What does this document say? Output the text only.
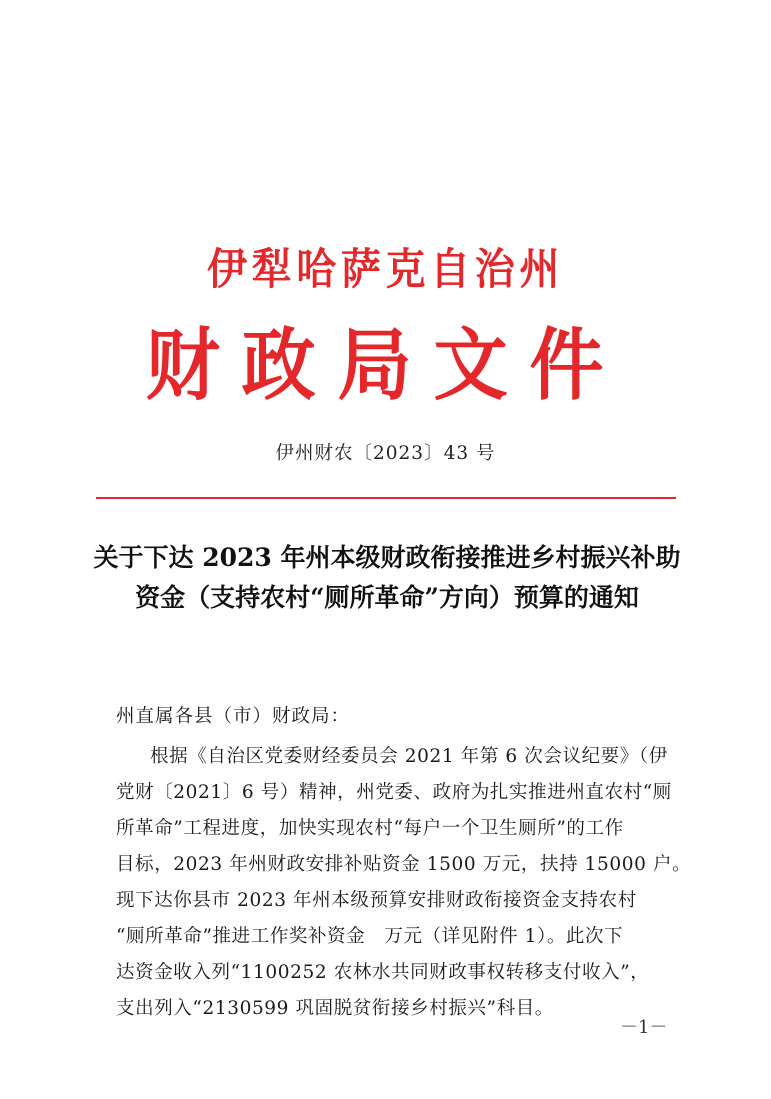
伊犁哈萨克自治州
财政局文件
伊州财农〔2023〕43 号
关于下达 2023 年州本级财政衔接推进乡村振兴补助
资金（支持农村“厕所革命”方向）预算的通知
州直属各县（市）财政局：
根据《自治区党委财经委员会 2021 年第 6 次会议纪要》（伊
党财〔2021〕6 号）精神，州党委、政府为扎实推进州直农村“厕
所革命”工程进度，加快实现农村“每户一个卫生厕所”的工作
目标，2023 年州财政安排补贴资金 1500 万元，扶持 15000 户。
现下达你县市 2023 年州本级预算安排财政衔接资金支持农村
“厕所革命”推进工作奖补资金　万元（详见附件 1）。此次下
达资金收入列“1100252 农林水共同财政事权转移支付收入”，
支出列入“2130599 巩固脱贫衔接乡村振兴”科目。
－1－
